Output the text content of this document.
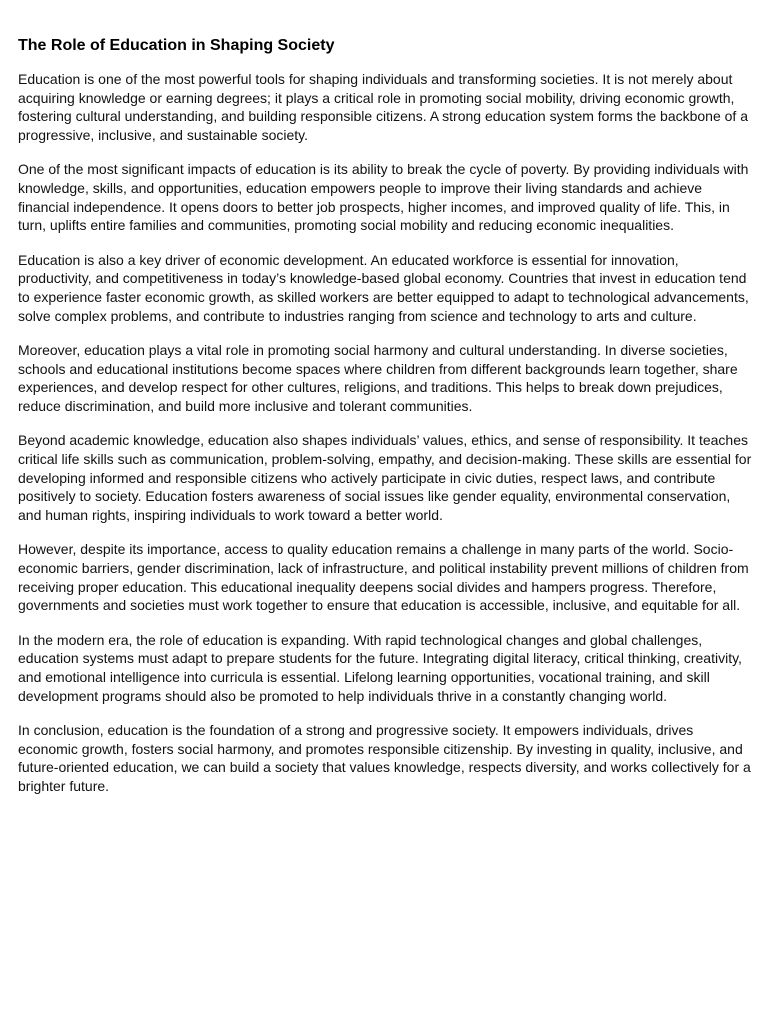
The Role of Education in Shaping Society

Education is one of the most powerful tools for shaping individuals and transforming societies. It is not merely about acquiring knowledge or earning degrees; it plays a critical role in promoting social mobility, driving economic growth, fostering cultural understanding, and building responsible citizens. A strong education system forms the backbone of a progressive, inclusive, and sustainable society.

One of the most significant impacts of education is its ability to break the cycle of poverty. By providing individuals with knowledge, skills, and opportunities, education empowers people to improve their living standards and achieve financial independence. It opens doors to better job prospects, higher incomes, and improved quality of life. This, in turn, uplifts entire families and communities, promoting social mobility and reducing economic inequalities.

Education is also a key driver of economic development. An educated workforce is essential for innovation, productivity, and competitiveness in today’s knowledge-based global economy. Countries that invest in education tend to experience faster economic growth, as skilled workers are better equipped to adapt to technological advancements, solve complex problems, and contribute to industries ranging from science and technology to arts and culture.

Moreover, education plays a vital role in promoting social harmony and cultural understanding. In diverse societies, schools and educational institutions become spaces where children from different backgrounds learn together, share experiences, and develop respect for other cultures, religions, and traditions. This helps to break down prejudices, reduce discrimination, and build more inclusive and tolerant communities.

Beyond academic knowledge, education also shapes individuals’ values, ethics, and sense of responsibility. It teaches critical life skills such as communication, problem-solving, empathy, and decision-making. These skills are essential for developing informed and responsible citizens who actively participate in civic duties, respect laws, and contribute positively to society. Education fosters awareness of social issues like gender equality, environmental conservation, and human rights, inspiring individuals to work toward a better world.

However, despite its importance, access to quality education remains a challenge in many parts of the world. Socio-economic barriers, gender discrimination, lack of infrastructure, and political instability prevent millions of children from receiving proper education. This educational inequality deepens social divides and hampers progress. Therefore, governments and societies must work together to ensure that education is accessible, inclusive, and equitable for all.

In the modern era, the role of education is expanding. With rapid technological changes and global challenges, education systems must adapt to prepare students for the future. Integrating digital literacy, critical thinking, creativity, and emotional intelligence into curricula is essential. Lifelong learning opportunities, vocational training, and skill development programs should also be promoted to help individuals thrive in a constantly changing world.

In conclusion, education is the foundation of a strong and progressive society. It empowers individuals, drives economic growth, fosters social harmony, and promotes responsible citizenship. By investing in quality, inclusive, and future-oriented education, we can build a society that values knowledge, respects diversity, and works collectively for a brighter future.
